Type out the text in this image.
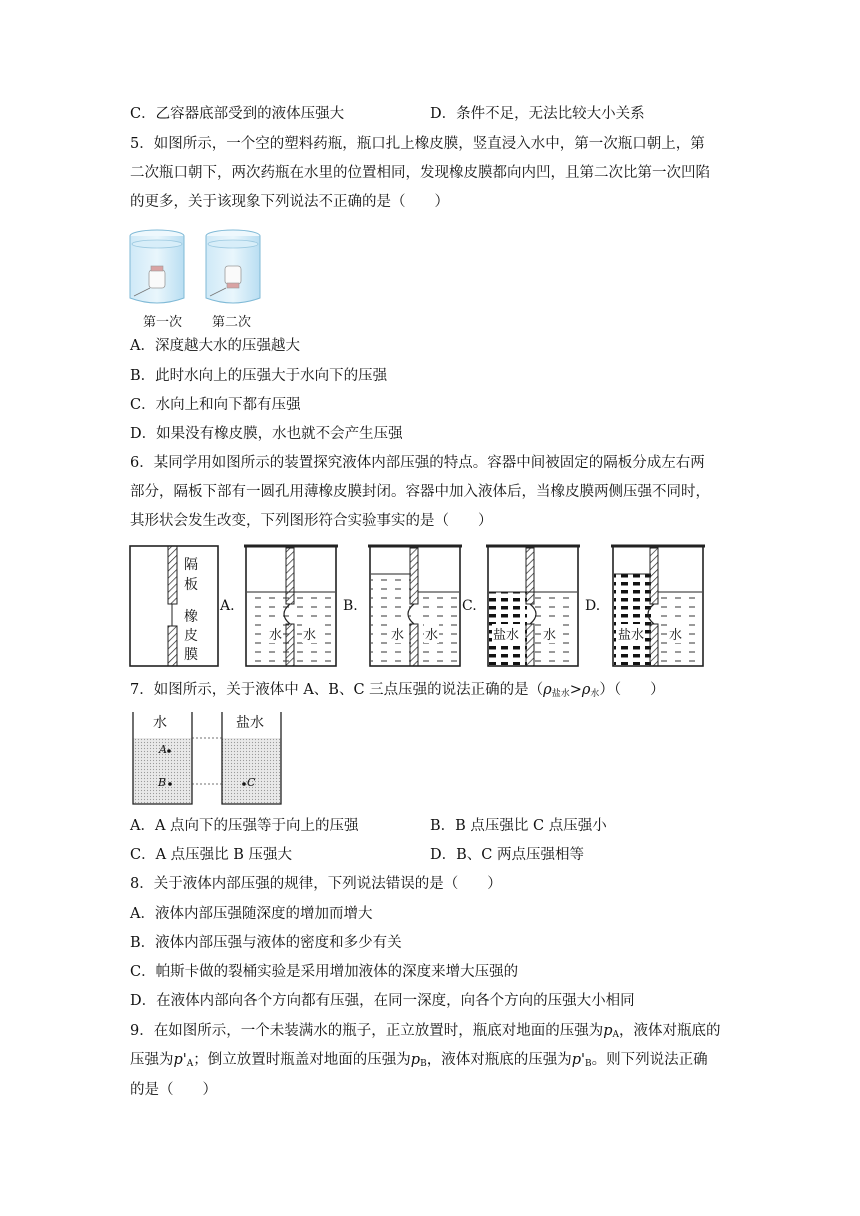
C．乙容器底部受到的液体压强大	D．条件不足，无法比较大小关系
5．如图所示，一个空的塑料药瓶，瓶口扎上橡皮膜，竖直浸入水中，第一次瓶口朝上，第
二次瓶口朝下，两次药瓶在水里的位置相同，发现橡皮膜都向内凹，且第二次比第一次凹陷
的更多，关于该现象下列说法不正确的是（　　）
第一次 第二次
A．深度越大水的压强越大
B．此时水向上的压强大于水向下的压强
C．水向上和向下都有压强
D．如果没有橡皮膜，水也就不会产生压强
6．某同学用如图所示的装置探究液体内部压强的特点。容器中间被固定的隔板分成左右两
部分，隔板下部有一圆孔用薄橡皮膜封闭。容器中加入液体后，当橡皮膜两侧压强不同时，
其形状会发生改变，下列图形符合实验事实的是（　　）
隔
板
橡
皮
膜
A.	B.	C.	D.
水 水	水 水	盐水 水	盐水 水
7．如图所示，关于液体中 A、B、C 三点压强的说法正确的是$(\rho_{盐水}>\rho_水)$（　　）
水	盐水
A
B	C
A．A 点向下的压强等于向上的压强	B．B 点压强比 C 点压强小
C．A 点压强比 B 压强大	D．B、C 两点压强相等
8．关于液体内部压强的规律，下列说法错误的是（　　）
A．液体内部压强随深度的增加而增大
B．液体内部压强与液体的密度和多少有关
C．帕斯卡做的裂桶实验是采用增加液体的深度来增大压强的
D．在液体内部向各个方向都有压强，在同一深度，向各个方向的压强大小相同
9．在如图所示，一个未装满水的瓶子，正立放置时，瓶底对地面的压强为$p_A$，液体对瓶底的
压强为$p'_A$；倒立放置时瓶盖对地面的压强为$p_B$，液体对瓶底的压强为$p'_B$。则下列说法正确
的是（　　）
